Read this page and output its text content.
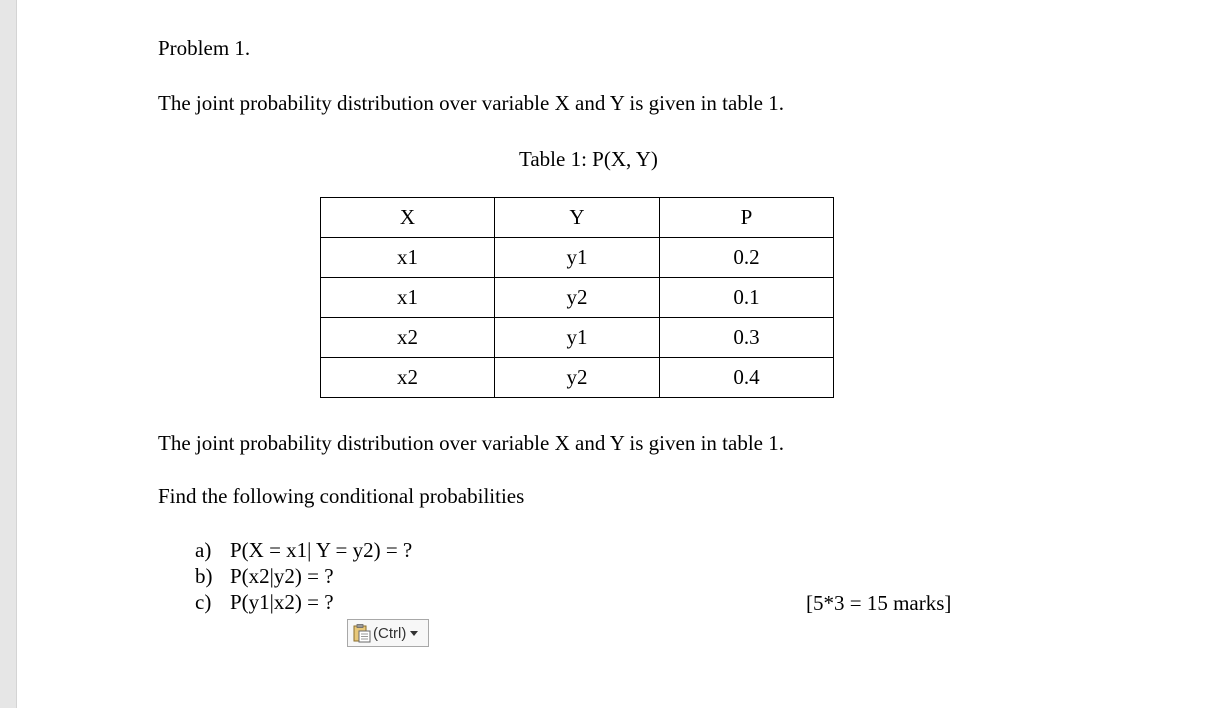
Problem 1.
The joint probability distribution over variable X and Y is given in table 1.
Table 1: P(X, Y)
X	Y	P
x1	y1	0.2
x1	y2	0.1
x2	y1	0.3
x2	y2	0.4
The joint probability distribution over variable X and Y is given in table 1.
Find the following conditional probabilities
a) P(X = x1| Y = y2) = ?
b) P(x2|y2) = ?
c) P(y1|x2) = ?	[5*3 = 15 marks]
(Ctrl)
